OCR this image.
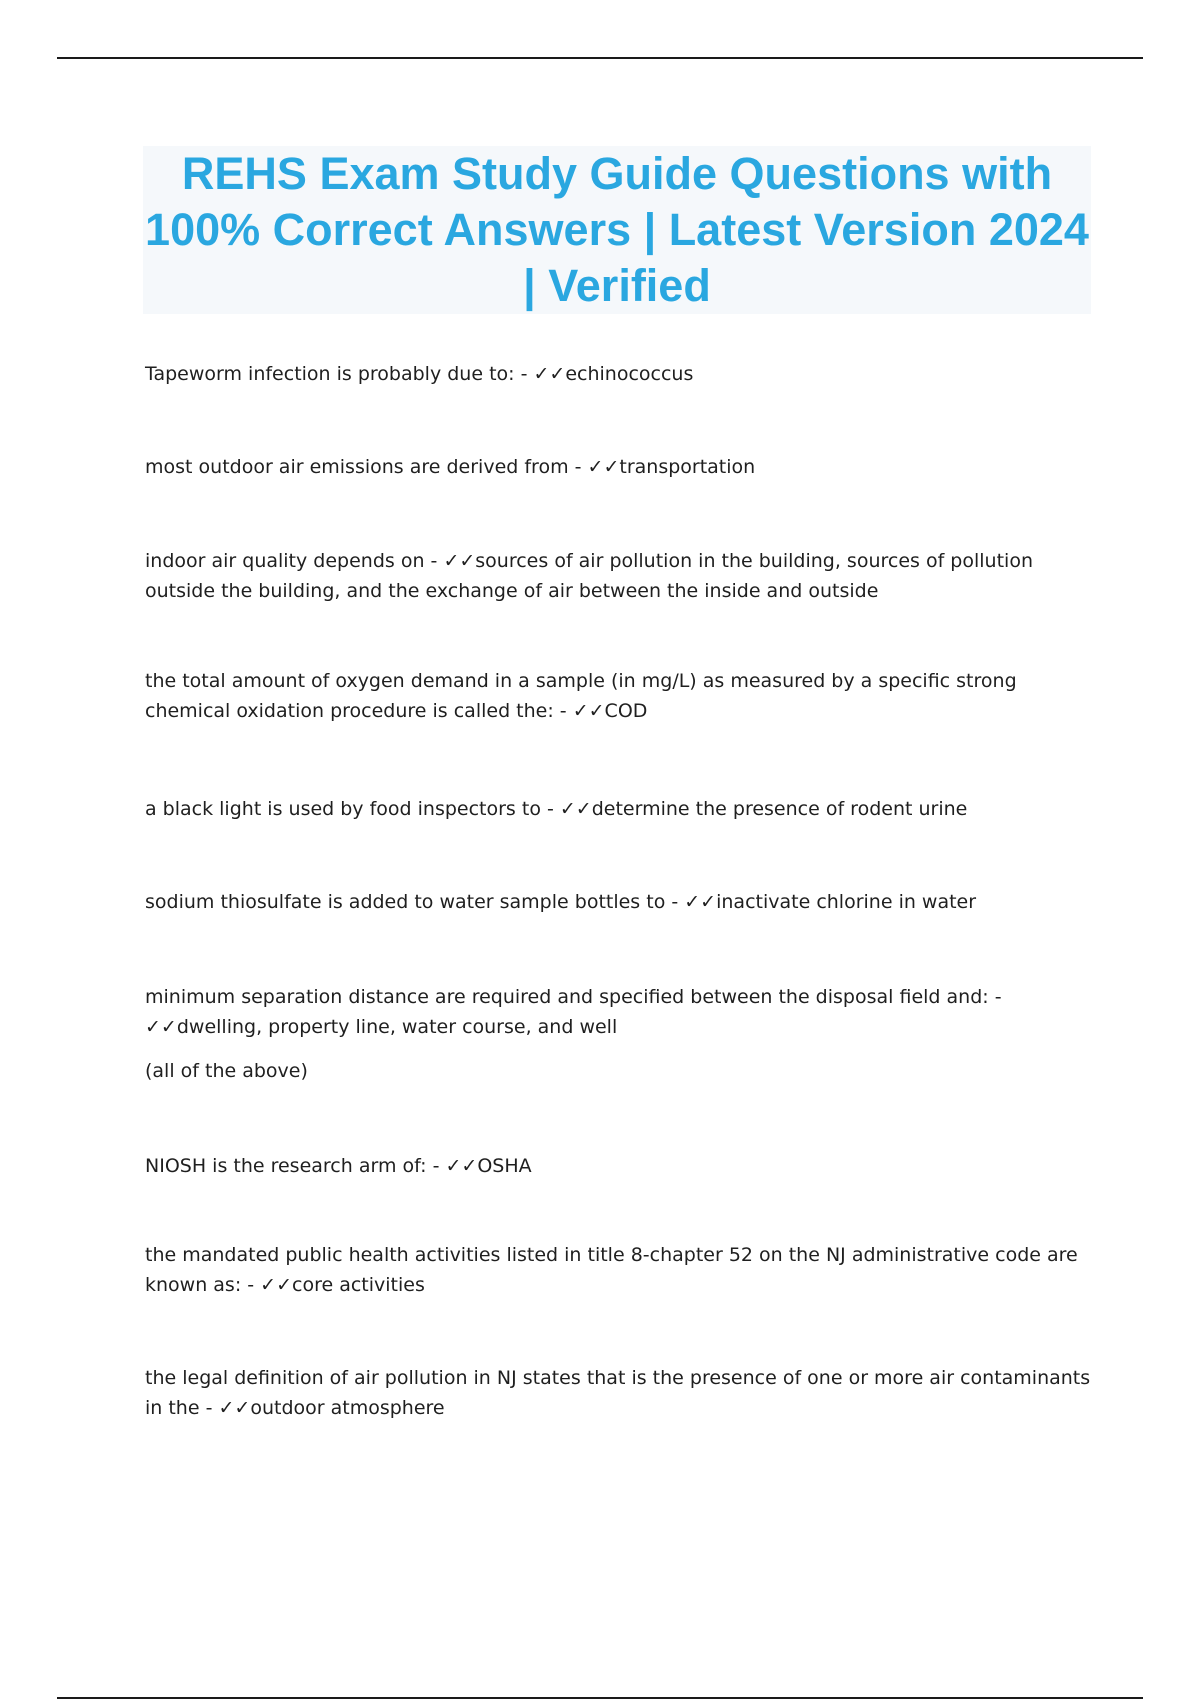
REHS Exam Study Guide Questions with 100% Correct Answers | Latest Version 2024 | Verified
Tapeworm infection is probably due to: - ✓✓echinococcus
most outdoor air emissions are derived from - ✓✓transportation
indoor air quality depends on - ✓✓sources of air pollution in the building, sources of pollution outside the building, and the exchange of air between the inside and outside
the total amount of oxygen demand in a sample (in mg/L) as measured by a specific strong chemical oxidation procedure is called the: - ✓✓COD
a black light is used by food inspectors to - ✓✓determine the presence of rodent urine
sodium thiosulfate is added to water sample bottles to - ✓✓inactivate chlorine in water
minimum separation distance are required and specified between the disposal field and: - ✓✓dwelling, property line, water course, and well
(all of the above)
NIOSH is the research arm of: - ✓✓OSHA
the mandated public health activities listed in title 8-chapter 52 on the NJ administrative code are known as: - ✓✓core activities
the legal definition of air pollution in NJ states that is the presence of one or more air contaminants in the - ✓✓outdoor atmosphere
